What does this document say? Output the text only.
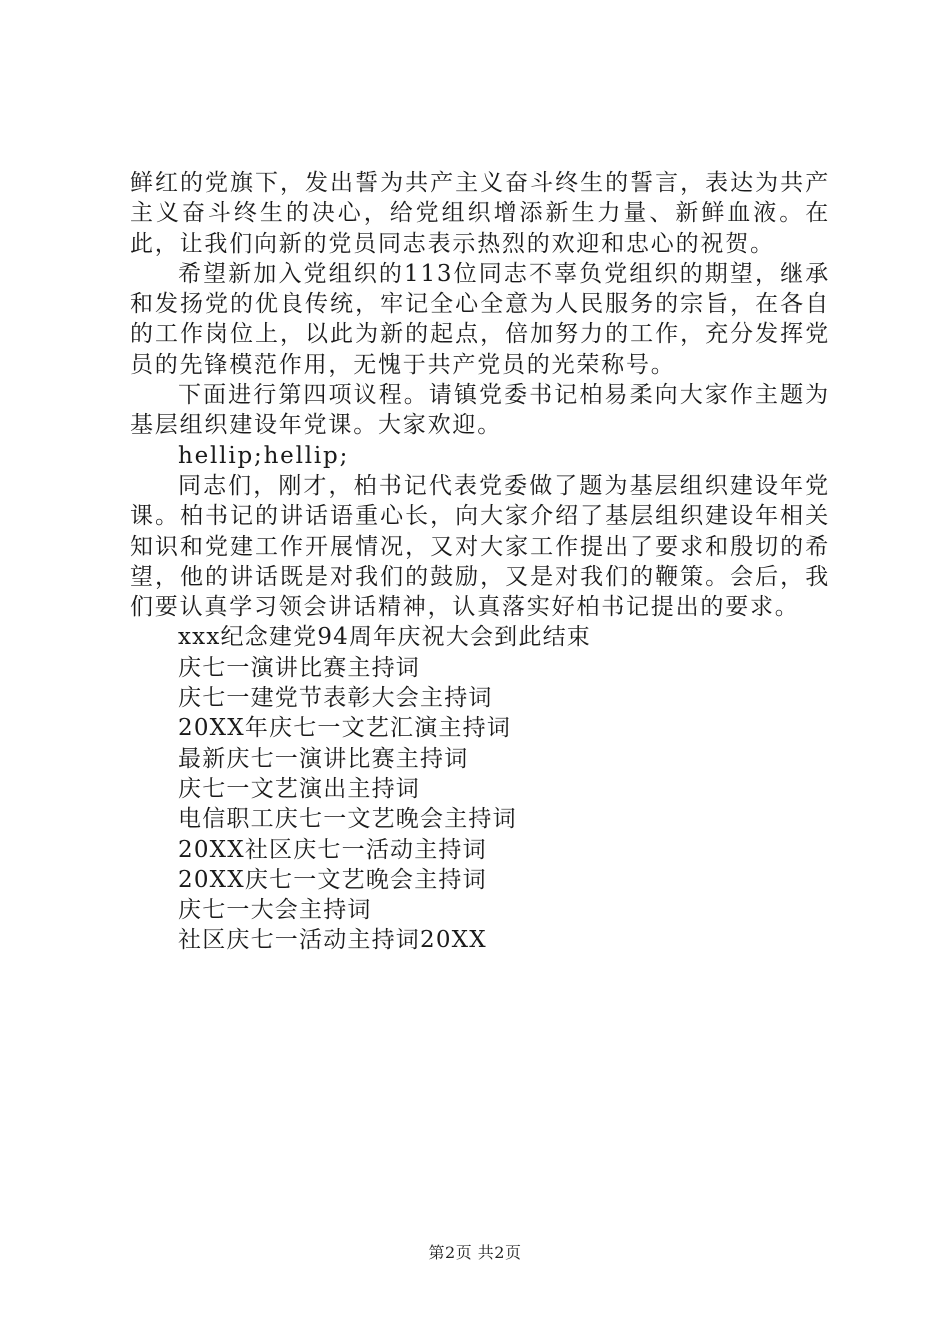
鲜红的党旗下，发出誓为共产主义奋斗终生的誓言，表达为共产主义奋斗终生的决心，给党组织增添新生力量、新鲜血液。在此，让我们向新的党员同志表示热烈的欢迎和忠心的祝贺。

希望新加入党组织的113位同志不辜负党组织的期望，继承和发扬党的优良传统，牢记全心全意为人民服务的宗旨，在各自的工作岗位上，以此为新的起点，倍加努力的工作，充分发挥党员的先锋模范作用，无愧于共产党员的光荣称号。

下面进行第四项议程。请镇党委书记柏易柔向大家作主题为基层组织建设年党课。大家欢迎。

hellip;hellip;

同志们，刚才，柏书记代表党委做了题为基层组织建设年党课。柏书记的讲话语重心长，向大家介绍了基层组织建设年相关知识和党建工作开展情况，又对大家工作提出了要求和殷切的希望，他的讲话既是对我们的鼓励，又是对我们的鞭策。会后，我们要认真学习领会讲话精神，认真落实好柏书记提出的要求。

xxx纪念建党94周年庆祝大会到此结束

庆七一演讲比赛主持词

庆七一建党节表彰大会主持词

20XX年庆七一文艺汇演主持词

最新庆七一演讲比赛主持词

庆七一文艺演出主持词

电信职工庆七一文艺晚会主持词

20XX社区庆七一活动主持词

20XX庆七一文艺晚会主持词

庆七一大会主持词

社区庆七一活动主持词20XX

第2页 共2页
